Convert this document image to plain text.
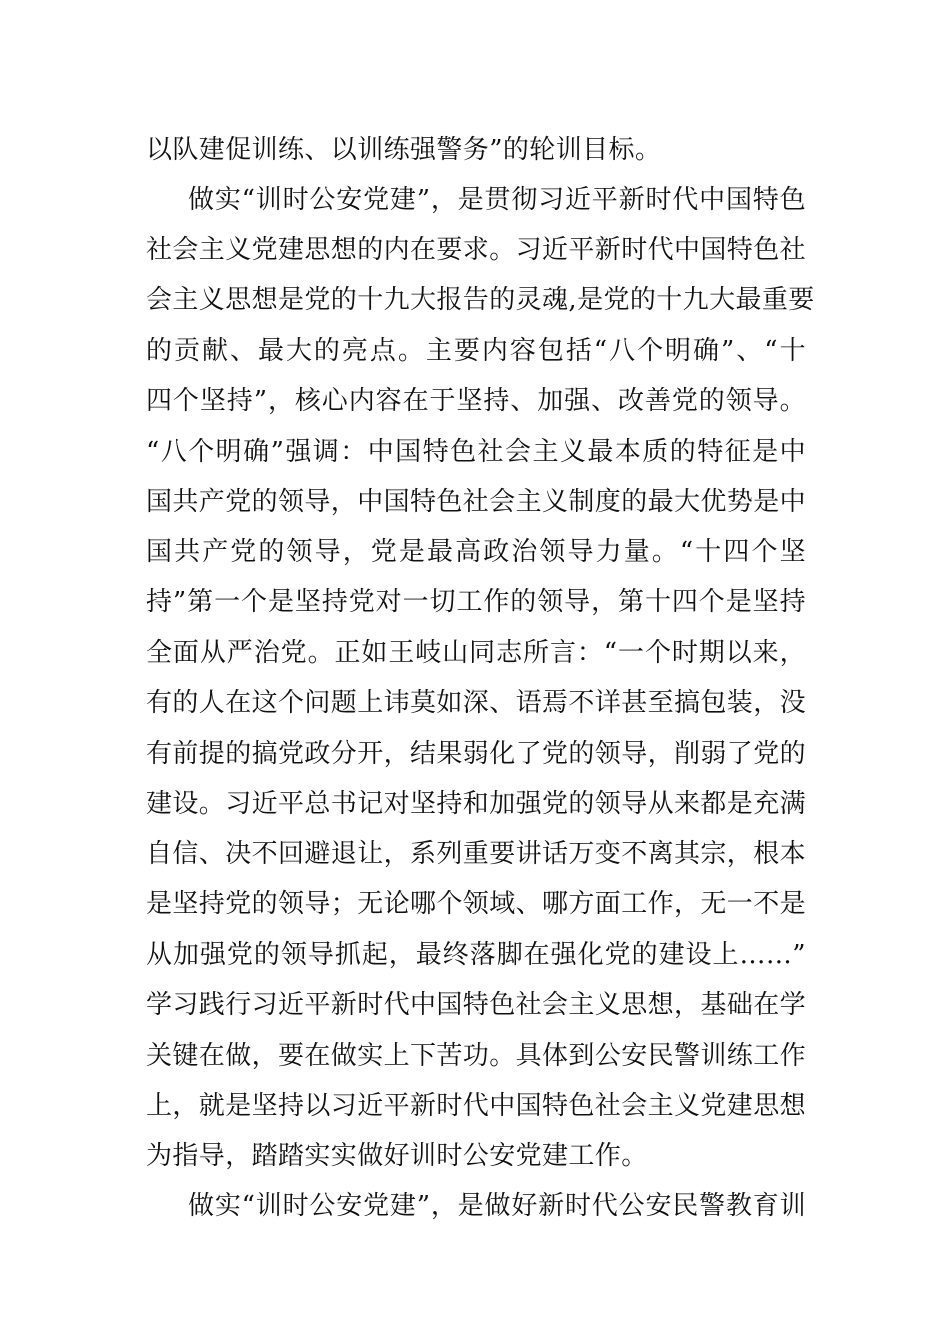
以队建促训练、以训练强警务”的轮训目标。
做实“训时公安党建”，是贯彻习近平新时代中国特色
社会主义党建思想的内在要求。习近平新时代中国特色社
会主义思想是党的十九大报告的灵魂,是党的十九大最重要
的贡献、最大的亮点。主要内容包括“八个明确”、“十
四个坚持”，核心内容在于坚持、加强、改善党的领导。
“八个明确”强调：中国特色社会主义最本质的特征是中
国共产党的领导，中国特色社会主义制度的最大优势是中
国共产党的领导，党是最高政治领导力量。“十四个坚
持”第一个是坚持党对一切工作的领导，第十四个是坚持
全面从严治党。正如王岐山同志所言：“一个时期以来，
有的人在这个问题上讳莫如深、语焉不详甚至搞包装，没
有前提的搞党政分开，结果弱化了党的领导，削弱了党的
建设。习近平总书记对坚持和加强党的领导从来都是充满
自信、决不回避退让，系列重要讲话万变不离其宗，根本
是坚持党的领导；无论哪个领域、哪方面工作，无一不是
从加强党的领导抓起，最终落脚在强化党的建设上……”
学习践行习近平新时代中国特色社会主义思想，基础在学
关键在做，要在做实上下苦功。具体到公安民警训练工作
上，就是坚持以习近平新时代中国特色社会主义党建思想
为指导，踏踏实实做好训时公安党建工作。
做实“训时公安党建”，是做好新时代公安民警教育训
